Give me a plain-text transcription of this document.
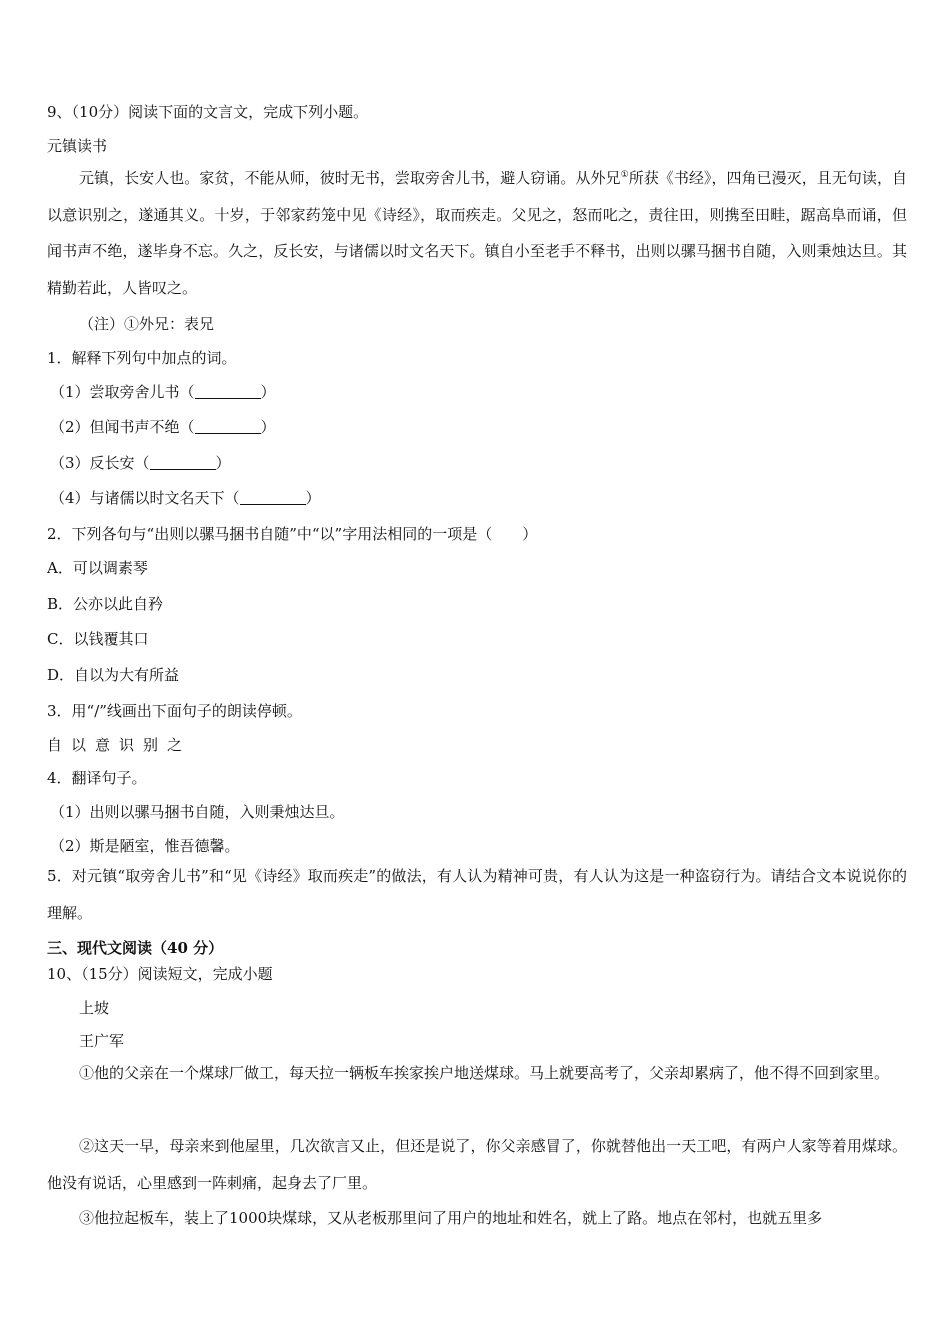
9、（10分）阅读下面的文言文，完成下列小题。
元镇读书
元镇，长安人也。家贫，不能从师，彼时无书，尝取旁舍儿书，避人窃诵。从外兄①所获《书经》，四角已漫灭，且无句读，自以意识别之，遂通其义。十岁，于邻家药笼中见《诗经》，取而疾走。父见之，怒而叱之，责往田，则携至田畦，踞高阜而诵，但闻书声不绝，遂毕身不忘。久之，反长安，与诸儒以时文名天下。镇自小至老手不释书，出则以骡马捆书自随，入则秉烛达旦。其精勤若此，人皆叹之。
（注）①外兄：表兄
1．解释下列句中加点的词。
（1）尝取旁舍儿书（	）
（2）但闻书声不绝（	）
（3）反长安（	）
（4）与诸儒以时文名天下（	）
2．下列各句与“出则以骡马捆书自随”中“以”字用法相同的一项是（　　）
A．可以调素琴
B．公亦以此自矜
C．以钱覆其口
D．自以为大有所益
3．用“/”线画出下面句子的朗读停顿。
自以意识别之
4．翻译句子。
（1）出则以骡马捆书自随，入则秉烛达旦。
（2）斯是陋室，惟吾德馨。
5．对元镇“取旁舍儿书”和“见《诗经》取而疾走”的做法，有人认为精神可贵，有人认为这是一种盗窃行为。请结合文本说说你的理解。
三、现代文阅读（40 分）
10、（15分）阅读短文，完成小题
上坡
王广军
①他的父亲在一个煤球厂做工，每天拉一辆板车挨家挨户地送煤球。马上就要高考了，父亲却累病了，他不得不回到家里。
②这天一早，母亲来到他屋里，几次欲言又止，但还是说了，你父亲感冒了，你就替他出一天工吧，有两户人家等着用煤球。他没有说话，心里感到一阵刺痛，起身去了厂里。
③他拉起板车，装上了1000块煤球，又从老板那里问了用户的地址和姓名，就上了路。地点在邻村，也就五里多
